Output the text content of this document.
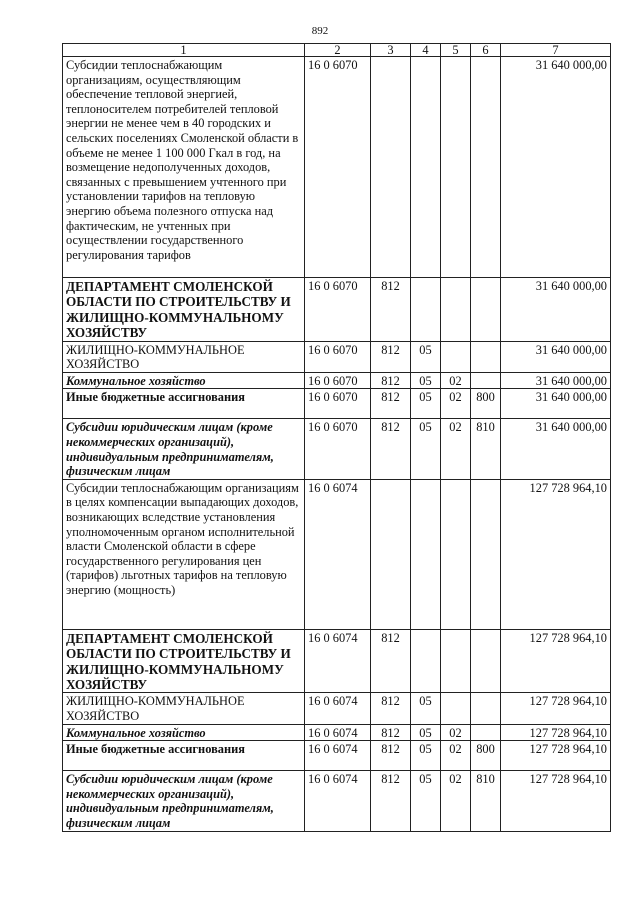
892
1	2	3	4	5	6	7
Субсидии теплоснабжающим организациям, осуществляющим обеспечение тепловой энергией, теплоносителем потребителей тепловой энергии не менее чем в 40 городских и сельских поселениях Смоленской области в объеме не менее 1 100 000 Гкал в год, на возмещение недополученных доходов, связанных с превышением учтенного при установлении тарифов на тепловую энергию объема полезного отпуска над фактическим, не учтенных при осуществлении государственного регулирования тарифов	16 0 6070					31 640 000,00
ДЕПАРТАМЕНТ СМОЛЕНСКОЙ ОБЛАСТИ ПО СТРОИТЕЛЬСТВУ И ЖИЛИЩНО-КОММУНАЛЬНОМУ ХОЗЯЙСТВУ	16 0 6070	812				31 640 000,00
ЖИЛИЩНО-КОММУНАЛЬНОЕ ХОЗЯЙСТВО	16 0 6070	812	05			31 640 000,00
Коммунальное хозяйство	16 0 6070	812	05	02		31 640 000,00
Иные бюджетные ассигнования	16 0 6070	812	05	02	800	31 640 000,00
Субсидии юридическим лицам (кроме некоммерческих организаций), индивидуальным предпринимателям, физическим лицам	16 0 6070	812	05	02	810	31 640 000,00
Субсидии теплоснабжающим организациям в целях компенсации выпадающих доходов, возникающих вследствие установления уполномоченным органом исполнительной власти Смоленской области в сфере государственного регулирования цен (тарифов) льготных тарифов на тепловую энергию (мощность)	16 0 6074					127 728 964,10
ДЕПАРТАМЕНТ СМОЛЕНСКОЙ ОБЛАСТИ ПО СТРОИТЕЛЬСТВУ И ЖИЛИЩНО-КОММУНАЛЬНОМУ ХОЗЯЙСТВУ	16 0 6074	812				127 728 964,10
ЖИЛИЩНО-КОММУНАЛЬНОЕ ХОЗЯЙСТВО	16 0 6074	812	05			127 728 964,10
Коммунальное хозяйство	16 0 6074	812	05	02		127 728 964,10
Иные бюджетные ассигнования	16 0 6074	812	05	02	800	127 728 964,10
Субсидии юридическим лицам (кроме некоммерческих организаций), индивидуальным предпринимателям, физическим лицам	16 0 6074	812	05	02	810	127 728 964,10
